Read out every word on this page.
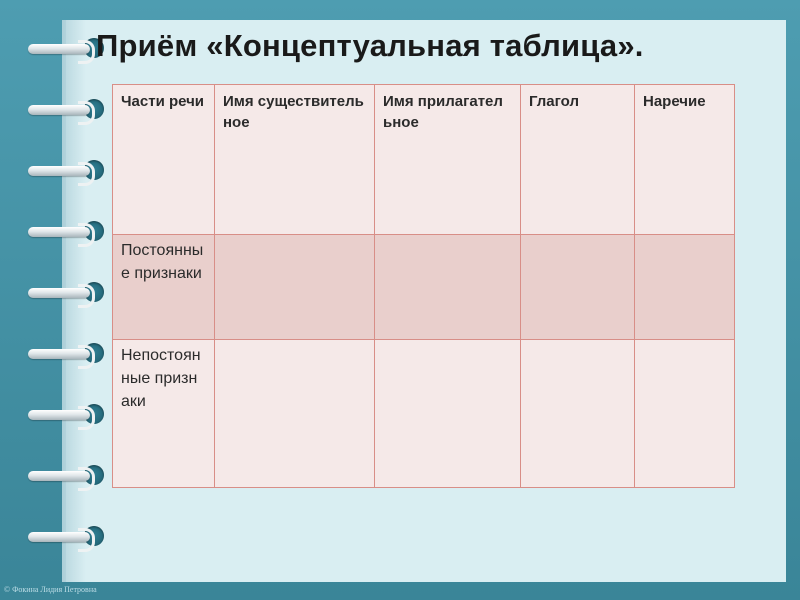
Приём «Концептуальная таблица».
Части речи	Имя существительное	Имя прилагательное	Глагол	Наречие
Постоянные признаки				
Непостоянные признаки				
© Фокина Лидия Петровна
